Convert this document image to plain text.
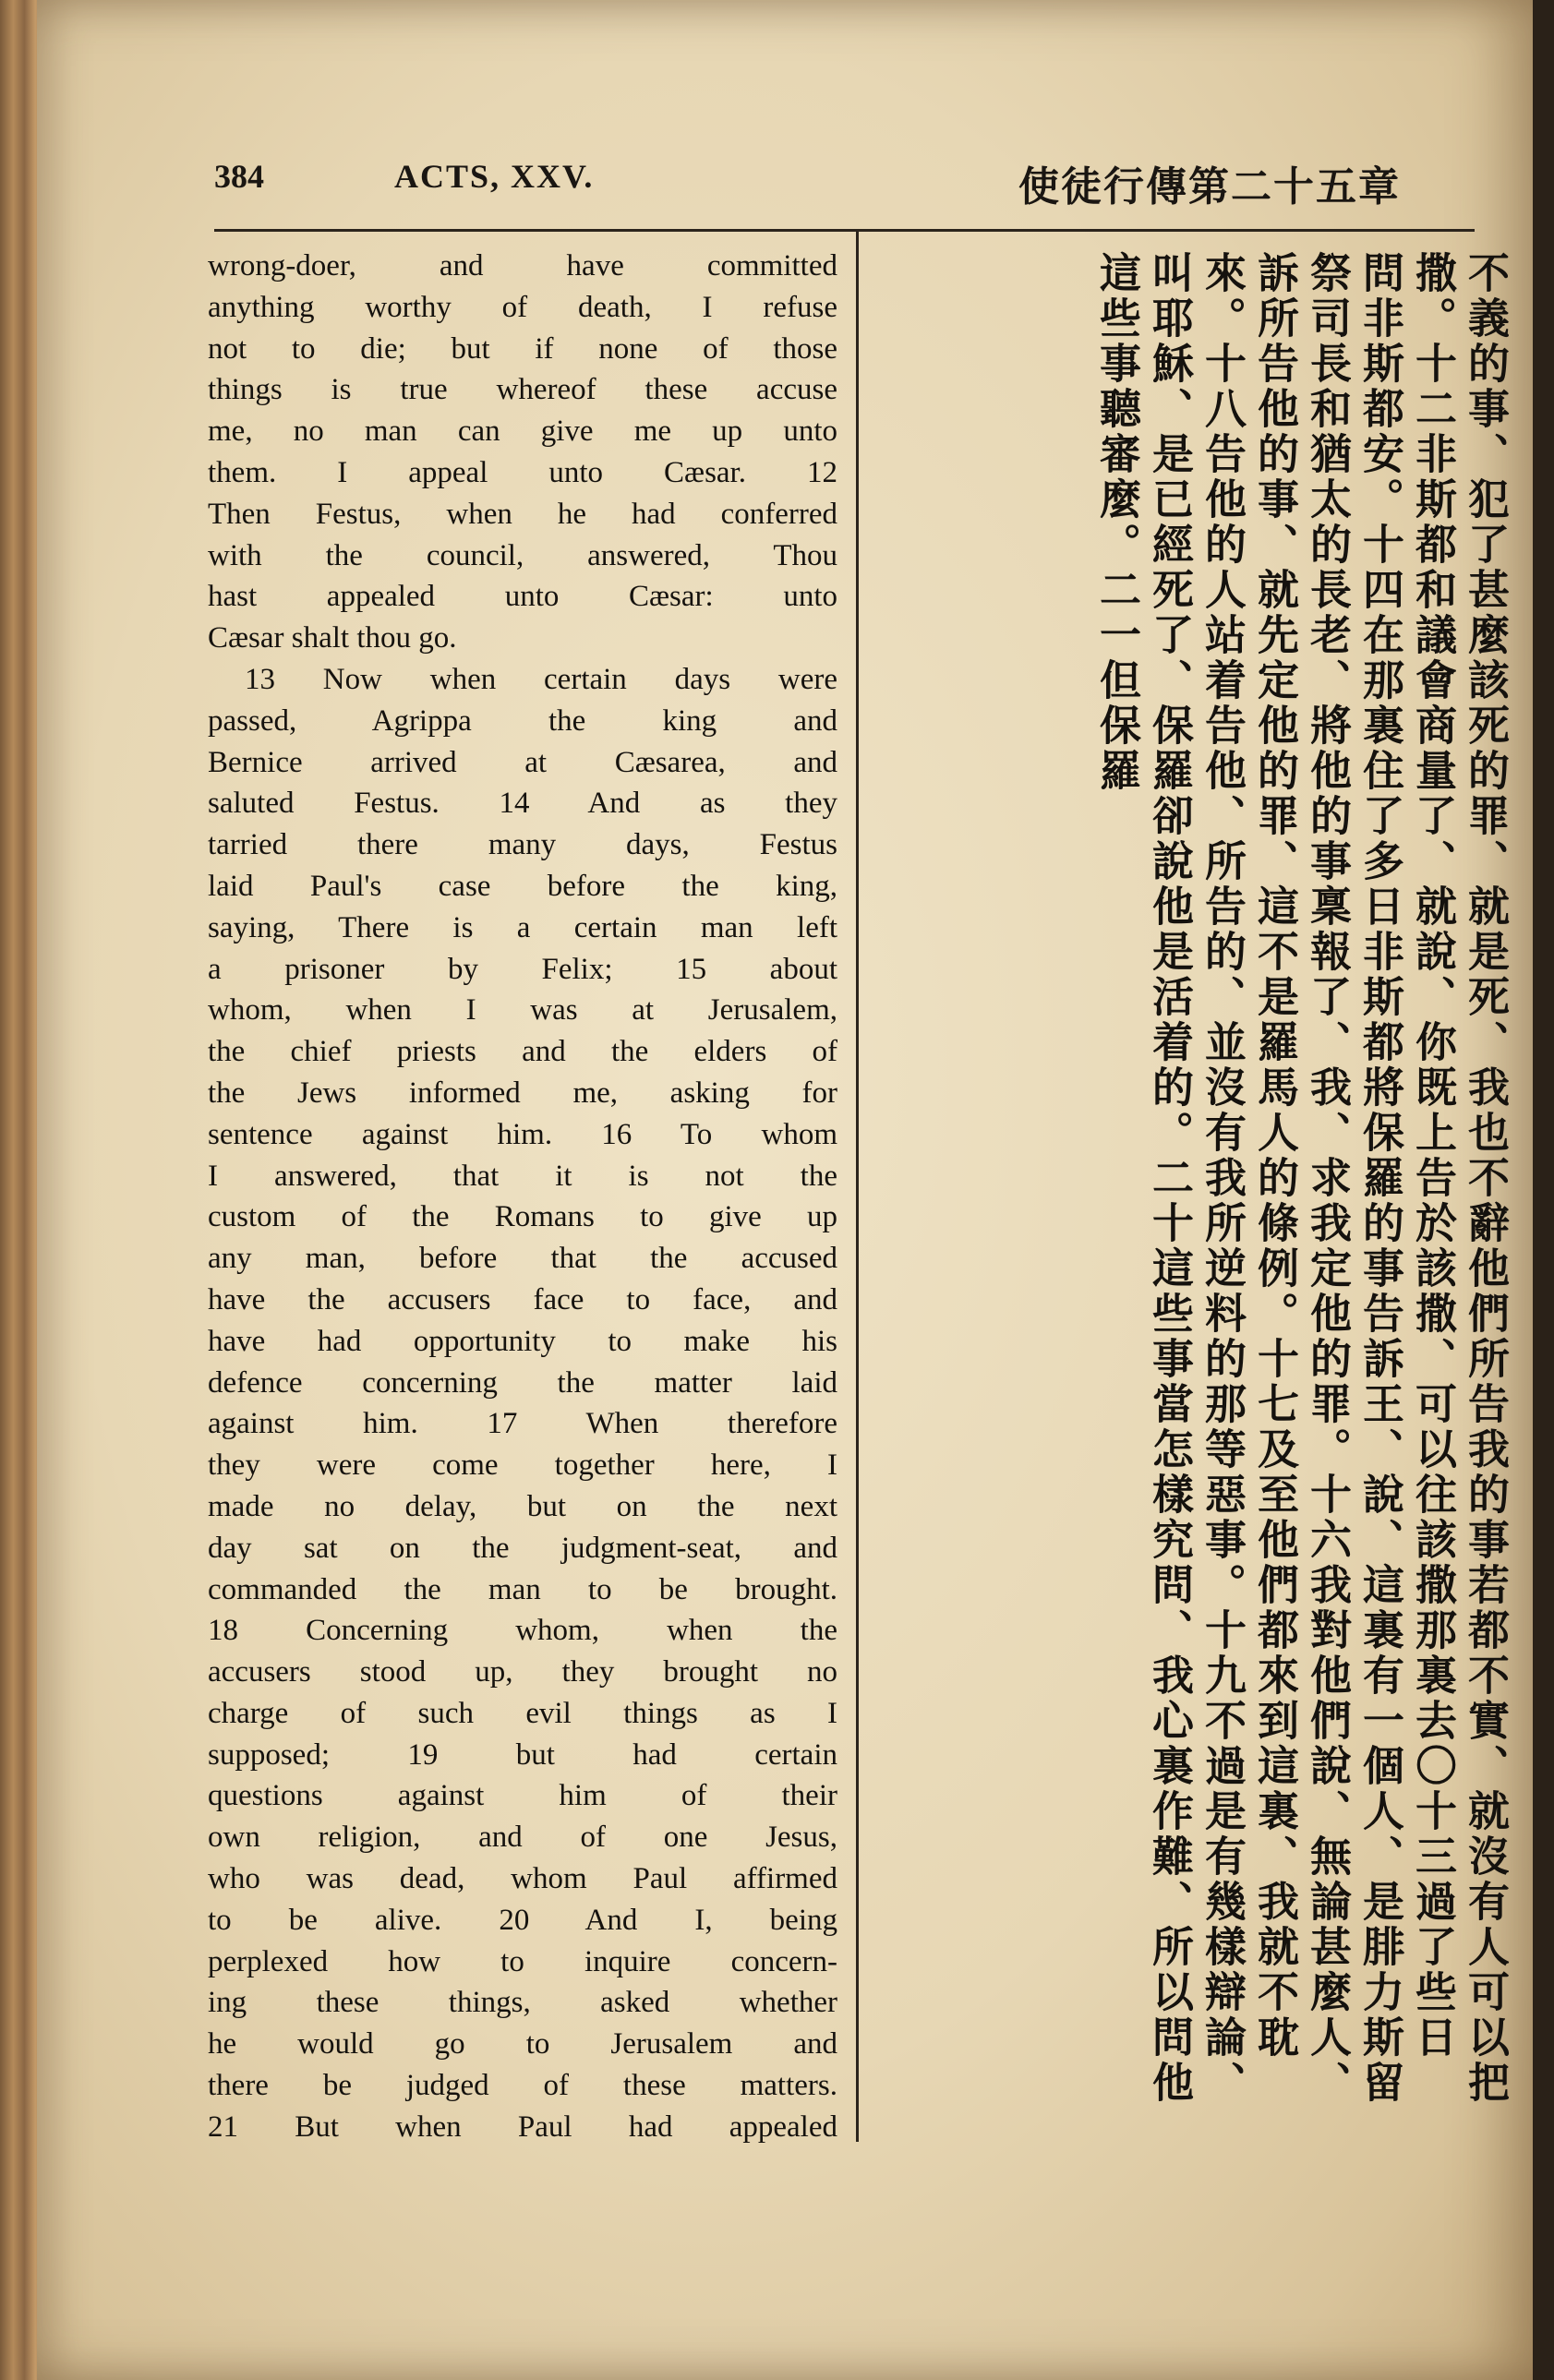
384	ACTS, XXV.	使徒行傳第二十五章
wrong-doer, and have committed
anything worthy of death, I refuse
not to die; but if none of those
things is true whereof these accuse
me, no man can give me up unto
them. I appeal unto Cæsar. 12
Then Festus, when he had conferred
with the council, answered, Thou
hast appealed unto Cæsar: unto
Cæsar shalt thou go.
13 Now when certain days were
passed, Agrippa the king and
Bernice arrived at Cæsarea, and
saluted Festus. 14 And as they
tarried there many days, Festus
laid Paul's case before the king,
saying, There is a certain man left
a prisoner by Felix; 15 about
whom, when I was at Jerusalem,
the chief priests and the elders of
the Jews informed me, asking for
sentence against him. 16 To whom
I answered, that it is not the
custom of the Romans to give up
any man, before that the accused
have the accusers face to face, and
have had opportunity to make his
defence concerning the matter laid
against him. 17 When therefore
they were come together here, I
made no delay, but on the next
day sat on the judgment-seat, and
commanded the man to be brought.
18 Concerning whom, when the
accusers stood up, they brought no
charge of such evil things as I
supposed; 19 but had certain
questions against him of their
own religion, and of one Jesus,
who was dead, whom Paul affirmed
to be alive. 20 And I, being
perplexed how to inquire concern-
ing these things, asked whether
he would go to Jerusalem and
there be judged of these matters.
21 But when Paul had appealed
不義的事、犯了甚麼該死的罪、就是死、我也不辭他們所告我的事若都不實、就沒有人可以把
撒。十二非斯都和議會商量了、就說、你既上告於該撒、可以往該撒那裏去〇十三過了些日
問非斯都安。十四在那裏住了多日非斯都將保羅的事告訴王、說、這裏有一個人、是腓力斯留
祭司長和猶太的長老、將他的事稟報了、我、求我定他的罪。十六我對他們說、無論甚麼人、
訴所告他的事、就先定他的罪、這不是羅馬人的條例。十七及至他們都來到這裏、我就不耽
來。十八告他的人站着告他、所告的、並沒有我所逆料的那等惡事。十九不過是有幾樣辯論、
叫耶穌、是已經死了、保羅卻說他是活着的。二十這些事當怎樣究問、我心裏作難、所以問他
這些事聽審麼。二一但保羅
